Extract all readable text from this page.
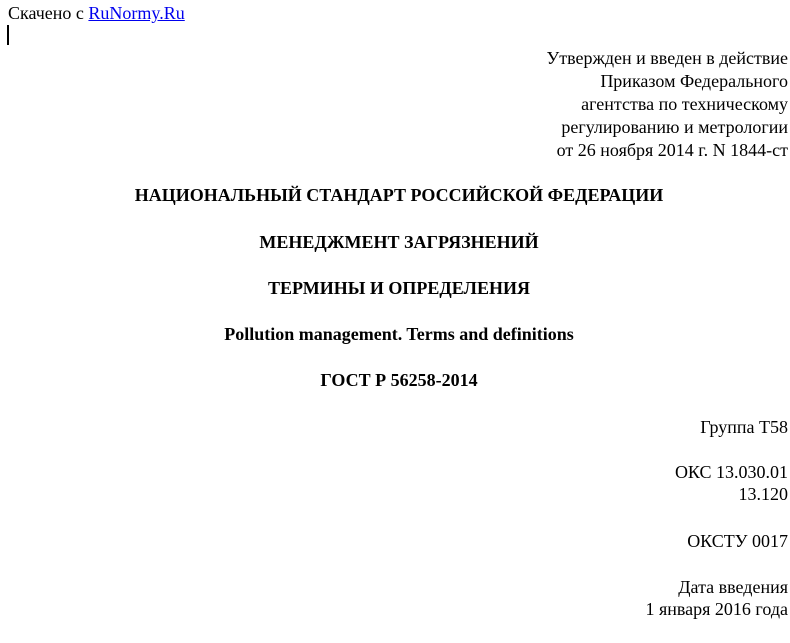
Скачено с RuNormy.Ru
Утвержден и введен в действие
Приказом Федерального
агентства по техническому
регулированию и метрологии
от 26 ноября 2014 г. N 1844-ст
НАЦИОНАЛЬНЫЙ СТАНДАРТ РОССИЙСКОЙ ФЕДЕРАЦИИ
МЕНЕДЖМЕНТ ЗАГРЯЗНЕНИЙ
ТЕРМИНЫ И ОПРЕДЕЛЕНИЯ
Pollution management. Terms and definitions
ГОСТ Р 56258-2014
Группа Т58
ОКС 13.030.01
13.120
ОКСТУ 0017
Дата введения
1 января 2016 года
